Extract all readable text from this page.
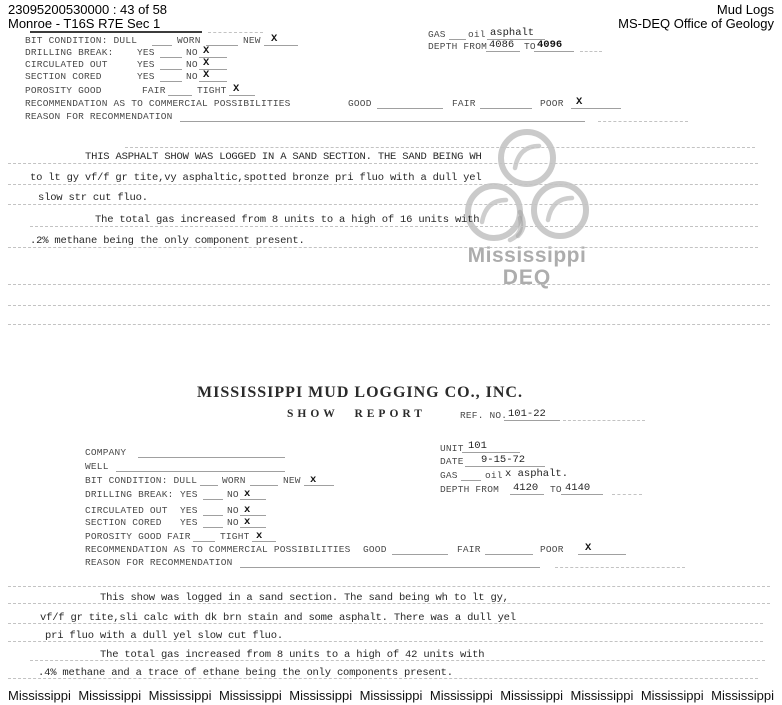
23095200530000 : 43 of 58
Monroe - T16S R7E Sec 1
Mud Logs
MS-DEQ Office of Geology
Mississippi
DEQ
BIT CONDITION: DULL	WORN	NEW X
DRILLING BREAK: YES	NO X
CIRCULATED OUT	YES	NO X
SECTION CORED	YES	NO X
POROSITY GOOD	FAIR	TIGHT X
RECOMMENDATION AS TO COMMERCIAL POSSIBILITIES	GOOD	FAIR	POOR X
REASON FOR RECOMMENDATION
GAS oil asphalt
DEPTH FROM 4086 TO 4096
THIS ASPHALT SHOW WAS LOGGED IN A SAND SECTION. THE SAND BEING WH
to lt gy vf/f gr tite,vy asphaltic,spotted bronze pri fluo with a dull yel
slow str cut fluo.
The total gas increased from 8 units to a high of 16 units with
.2% methane being the only component present.
MISSISSIPPI MUD LOGGING CO., INC.
SHOW REPORT	REF. NO. 101-22
COMPANY
WELL
BIT CONDITION: DULL	WORN	NEW x
DRILLING BREAK: YES	NO x
CIRCULATED OUT YES	NO x
SECTION CORED YES	NO x
POROSITY GOOD FAIR	TIGHT x
RECOMMENDATION AS TO COMMERCIAL POSSIBILITIES GOOD	FAIR	POOR X
REASON FOR RECOMMENDATION
UNIT 101
DATE 9-15-72
GAS	oil x asphalt.
DEPTH FROM 4120 TO 4140
This show was logged in a sand section. The sand being wh to lt gy,
vf/f gr tite,sli calc with dk brn stain and some asphalt. There was a dull yel
pri fluo with a dull yel slow cut fluo.
The total gas increased from 8 units to a high of 42 units with
.4% methane and a trace of ethane being the only components present.
Mississippi Mississippi Mississippi Mississippi Mississippi Mississippi Mississippi Mississippi Mississippi Mississippi Mississippi
